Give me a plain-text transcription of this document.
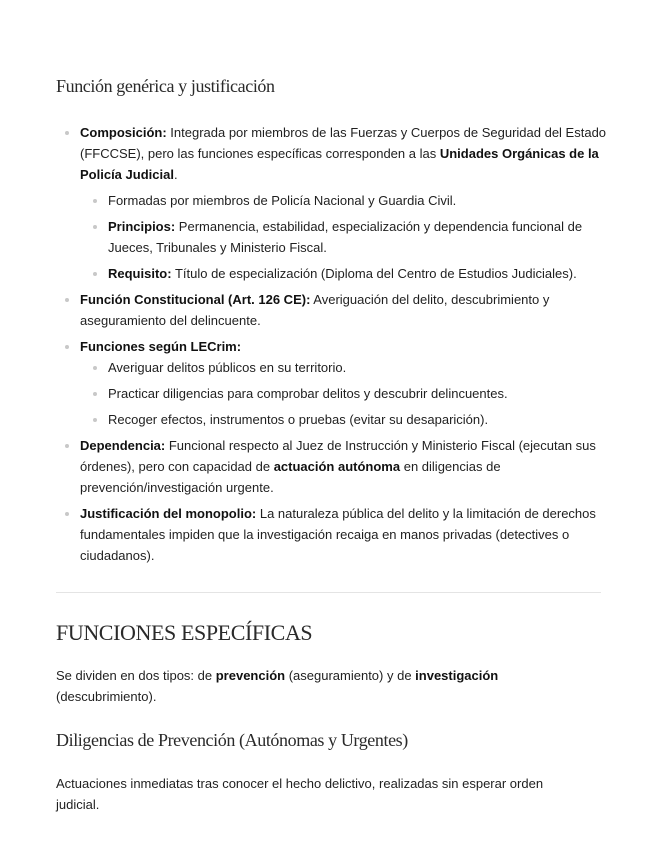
Función genérica y justificación
Composición: Integrada por miembros de las Fuerzas y Cuerpos de Seguridad del Estado (FFCCSE), pero las funciones específicas corresponden a las Unidades Orgánicas de la Policía Judicial.
Formadas por miembros de Policía Nacional y Guardia Civil.
Principios: Permanencia, estabilidad, especialización y dependencia funcional de Jueces, Tribunales y Ministerio Fiscal.
Requisito: Título de especialización (Diploma del Centro de Estudios Judiciales).
Función Constitucional (Art. 126 CE): Averiguación del delito, descubrimiento y aseguramiento del delincuente.
Funciones según LECrim:
Averiguar delitos públicos en su territorio.
Practicar diligencias para comprobar delitos y descubrir delincuentes.
Recoger efectos, instrumentos o pruebas (evitar su desaparición).
Dependencia: Funcional respecto al Juez de Instrucción y Ministerio Fiscal (ejecutan sus órdenes), pero con capacidad de actuación autónoma en diligencias de prevención/investigación urgente.
Justificación del monopolio: La naturaleza pública del delito y la limitación de derechos fundamentales impiden que la investigación recaiga en manos privadas (detectives o ciudadanos).
FUNCIONES ESPECÍFICAS

Se dividen en dos tipos: de prevención (aseguramiento) y de investigación (descubrimiento).

Diligencias de Prevención (Autónomas y Urgentes)

Actuaciones inmediatas tras conocer el hecho delictivo, realizadas sin esperar orden judicial.
